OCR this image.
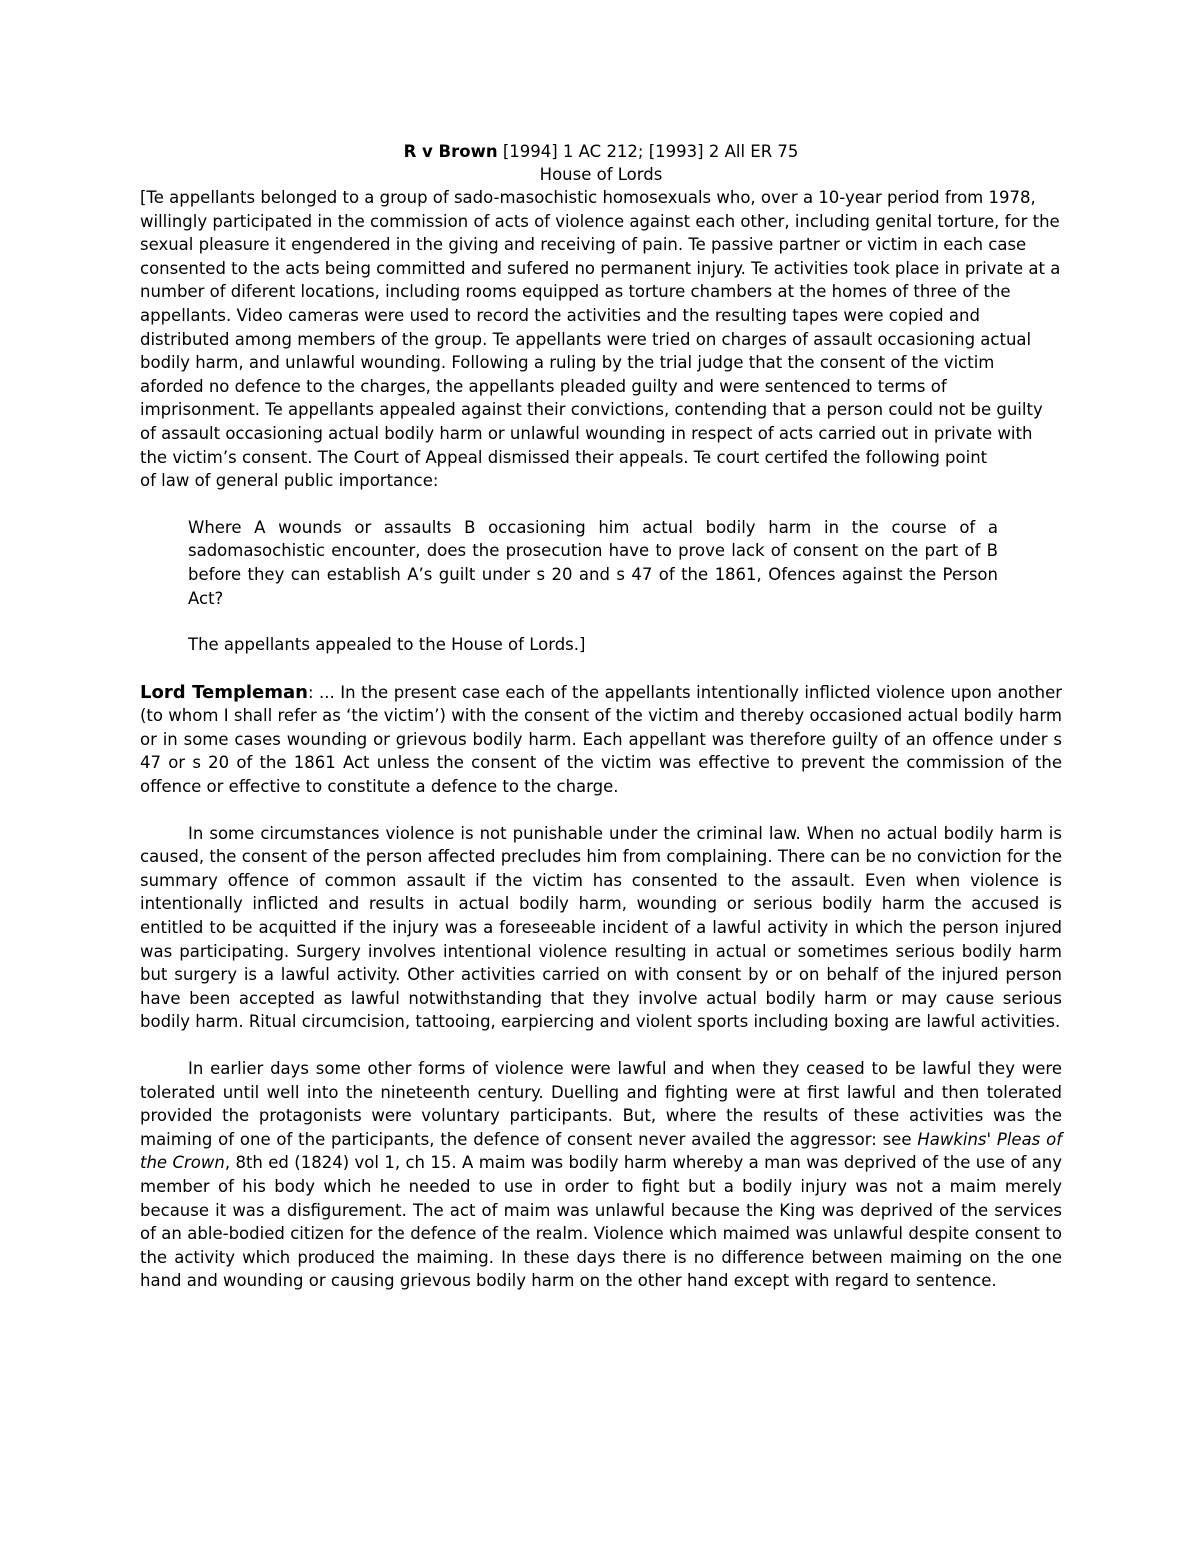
R v Brown [1994] 1 AC 212; [1993] 2 All ER 75
House of Lords
[Te appellants belonged to a group of sado-masochistic homosexuals who, over a 10-year period from 1978, willingly participated in the commission of acts of violence against each other, including genital torture, for the sexual pleasure it engendered in the giving and receiving of pain. Te passive partner or victim in each case consented to the acts being committed and sufered no permanent injury. Te activities took place in private at a number of diferent locations, including rooms equipped as torture chambers at the homes of three of the appellants. Video cameras were used to record the activities and the resulting tapes were copied and distributed among members of the group. Te appellants were tried on charges of assault occasioning actual bodily harm, and unlawful wounding. Following a ruling by the trial judge that the consent of the victim aforded no defence to the charges, the appellants pleaded guilty and were sentenced to terms of imprisonment. Te appellants appealed against their convictions, contending that a person could not be guilty of assault occasioning actual bodily harm or unlawful wounding in respect of acts carried out in private with the victim’s consent. The Court of Appeal dismissed their appeals. Te court certifed the following point
of law of general public importance:
Where A wounds or assaults B occasioning him actual bodily harm in the course of a sadomasochistic encounter, does the prosecution have to prove lack of consent on the part of B before they can establish A’s guilt under s 20 and s 47 of the 1861, Ofences against the Person Act?
The appellants appealed to the House of Lords.]
Lord Templeman: ... In the present case each of the appellants intentionally inflicted violence upon another (to whom I shall refer as ‘the victim’) with the consent of the victim and thereby occasioned actual bodily harm or in some cases wounding or grievous bodily harm. Each appellant was therefore guilty of an offence under s 47 or s 20 of the 1861 Act unless the consent of the victim was effective to prevent the commission of the offence or effective to constitute a defence to the charge.
In some circumstances violence is not punishable under the criminal law. When no actual bodily harm is caused, the consent of the person affected precludes him from complaining. There can be no conviction for the summary offence of common assault if the victim has consented to the assault. Even when violence is intentionally inflicted and results in actual bodily harm, wounding or serious bodily harm the accused is entitled to be acquitted if the injury was a foreseeable incident of a lawful activity in which the person injured was participating. Surgery involves intentional violence resulting in actual or sometimes serious bodily harm but surgery is a lawful activity. Other activities carried on with consent by or on behalf of the injured person have been accepted as lawful notwithstanding that they involve actual bodily harm or may cause serious bodily harm. Ritual circumcision, tattooing, earpiercing and violent sports including boxing are lawful activities.
In earlier days some other forms of violence were lawful and when they ceased to be lawful they were tolerated until well into the nineteenth century. Duelling and fighting were at first lawful and then tolerated provided the protagonists were voluntary participants. But, where the results of these activities was the maiming of one of the participants, the defence of consent never availed the aggressor: see Hawkins' Pleas of the Crown, 8th ed (1824) vol 1, ch 15. A maim was bodily harm whereby a man was deprived of the use of any member of his body which he needed to use in order to fight but a bodily injury was not a maim merely because it was a disfigurement. The act of maim was unlawful because the King was deprived of the services of an able-bodied citizen for the defence of the realm. Violence which maimed was unlawful despite consent to the activity which produced the maiming. In these days there is no difference between maiming on the one hand and wounding or causing grievous bodily harm on the other hand except with regard to sentence.
